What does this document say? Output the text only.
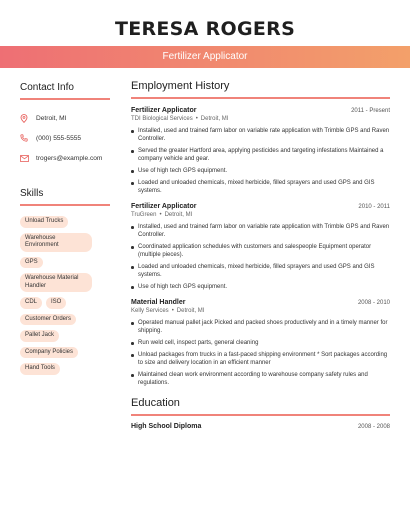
TERESA ROGERS
Fertilizer Applicator
Contact Info
Detroit, MI
(000) 555-5555
trogers@example.com
Skills
Unload Trucks
Warehouse Environment
GPS
Warehouse Material Handler
CDL	ISO
Customer Orders
Pallet Jack
Company Policies
Hand Tools
Employment History
Fertilizer Applicator	2011 - Present
TDI Biological Services • Detroit, MI
Installed, used and trained farm labor on variable rate application with Trimble GPS and Raven Controller.
Served the greater Hartford area, applying pesticides and targeting infestations Maintained a company vehicle and gear.
Use of high tech GPS equipment.
Loaded and unloaded chemicals, mixed herbicide, filled sprayers and used GPS and GIS systems.
Fertilizer Applicator	2010 - 2011
TruGreen • Detroit, MI
Installed, used and trained farm labor on variable rate application with Trimble GPS and Raven Controller.
Coordinated application schedules with customers and salespeople Equipment operator (multiple pieces).
Loaded and unloaded chemicals, mixed herbicide, filled sprayers and used GPS and GIS systems.
Use of high tech GPS equipment.
Material Handler	2008 - 2010
Kelly Services • Detroit, MI
Operated manual pallet jack Picked and packed shoes productively and in a timely manner for shipping.
Run weld cell, inspect parts, general cleaning
Unload packages from trucks in a fast-paced shipping environment * Sort packages according to size and delivery location in an efficient manner
Maintained clean work environment according to warehouse company safety rules and regulations.
Education
High School Diploma	2008 - 2008
